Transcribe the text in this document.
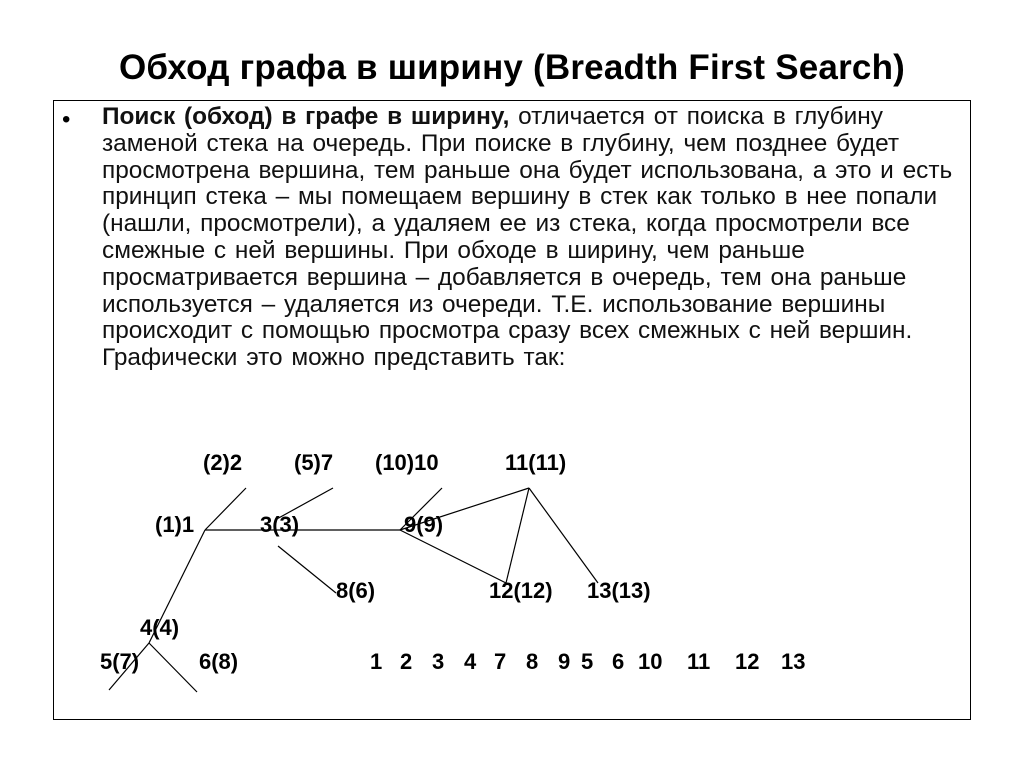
Обход графа в ширину (Breadth First Search)
• Поиск (обход) в графе в ширину, отличается от поиска в глубину заменой стека на очередь. При поиске в глубину, чем позднее будет просмотрена вершина, тем раньше она будет использована, а это и есть принцип стека – мы помещаем вершину в стек как только в нее попали (нашли, просмотрели), а удаляем ее из стека, когда просмотрели все смежные с ней вершины. При обходе в ширину, чем раньше просматривается вершина – добавляется в очередь, тем она раньше используется – удаляется из очереди. Т.Е. использование вершины происходит с помощью просмотра сразу всех смежных с ней вершин. Графически это можно представить так:

(2)2 (5)7 (10)10	11(11)
(1)1	3(3)	9(9)
8(6)	12(12) 13(13)
4(4)
5(7)	6(8)	1 2 3 4 7 8 9 5 6 10 11 12 13
